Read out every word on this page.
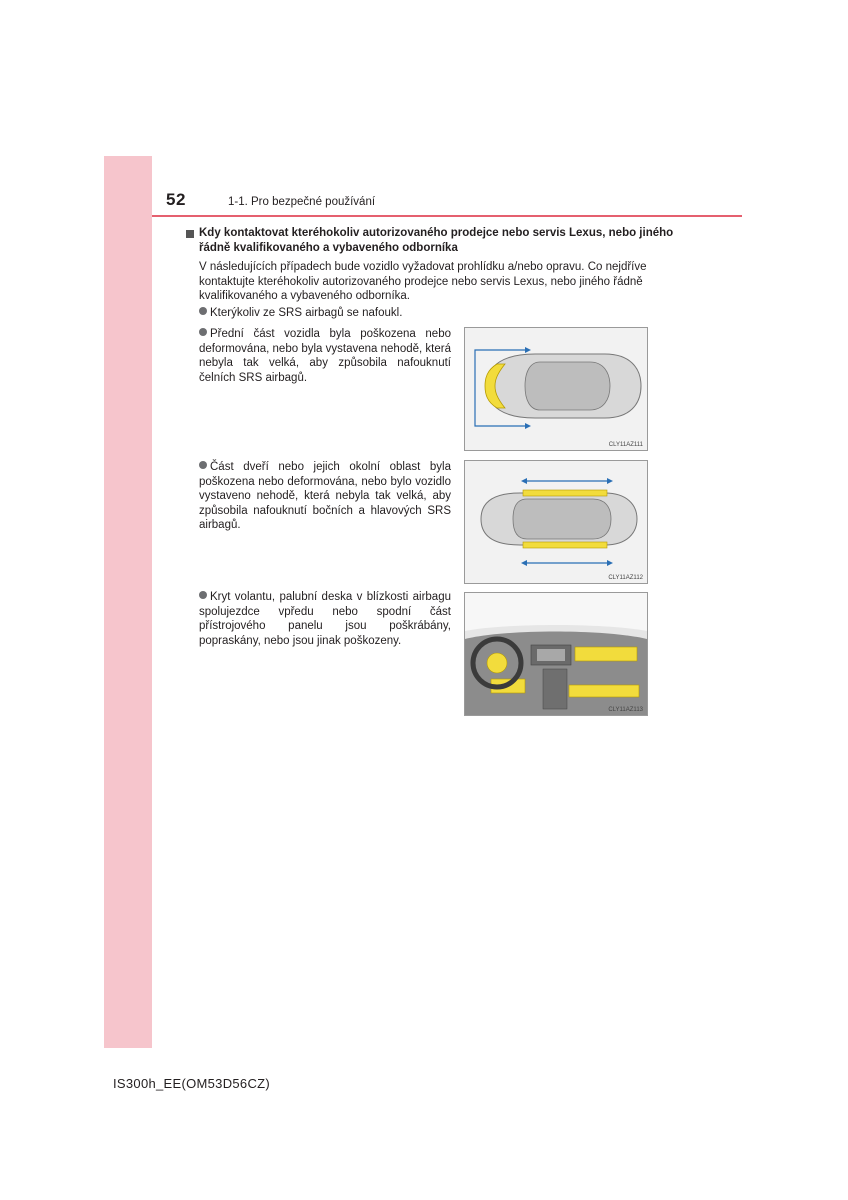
52	1-1. Pro bezpečné používání
Kdy kontaktovat kteréhokoliv autorizovaného prodejce nebo servis Lexus, nebo jiného řádně kvalifikovaného a vybaveného odborníka
V následujících případech bude vozidlo vyžadovat prohlídku a/nebo opravu. Co nejdříve kontaktujte kteréhokoliv autorizovaného prodejce nebo servis Lexus, nebo jiného řádně kvalifikovaného a vybaveného odborníka.
Kterýkoliv ze SRS airbagů se nafoukl.
Přední část vozidla byla poškozena nebo deformována, nebo byla vystavena nehodě, která nebyla tak velká, aby způsobila nafouknutí čelních SRS airbagů.
Část dveří nebo jejich okolní oblast byla poškozena nebo deformována, nebo bylo vozidlo vystaveno nehodě, která nebyla tak velká, aby způsobila nafouknutí bočních a hlavových SRS airbagů.
Kryt volantu, palubní deska v blízkosti airbagu spolujezdce vpředu nebo spodní část přístrojového panelu jsou poškrábány, popraskány, nebo jsou jinak poškozeny.
CLY11AZ111
CLY11AZ112
CLY11AZ113
IS300h_EE(OM53D56CZ)
